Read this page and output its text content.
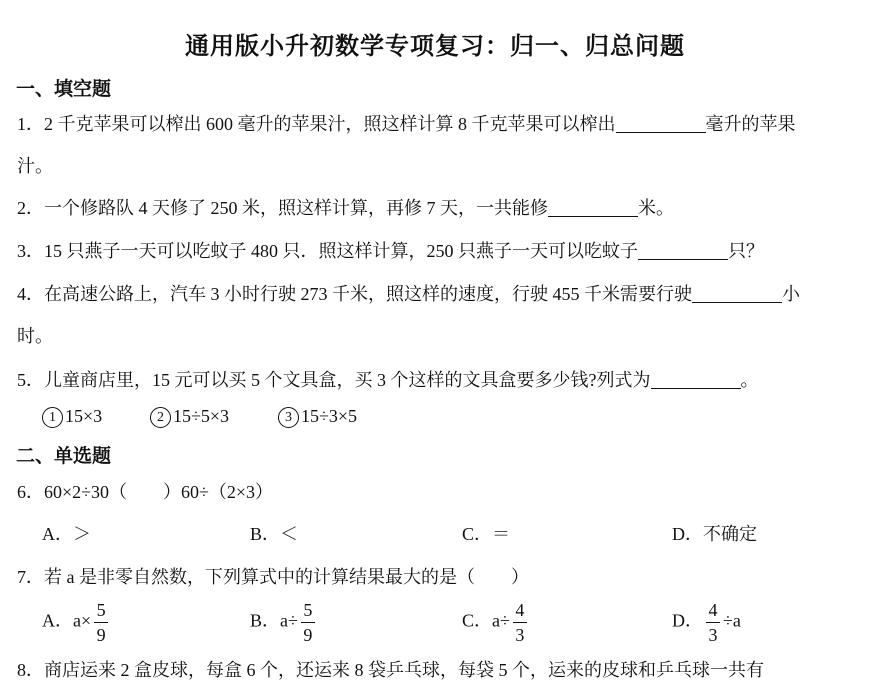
通用版小升初数学专项复习：归一、归总问题
一、填空题
1．2 千克苹果可以榨出 600 毫升的苹果汁，照这样计算 8 千克苹果可以榨出	毫升的苹果
汁。
2．一个修路队 4 天修了 250 米，照这样计算，再修 7 天，一共能修	米。
3．15 只燕子一天可以吃蚊子 480 只．照这样计算，250 只燕子一天可以吃蚊子	只？
4．在高速公路上，汽车 3 小时行驶 273 千米，照这样的速度，行驶 455 千米需要行驶	小
时。
5．儿童商店里，15 元可以买 5 个文具盒，买 3 个这样的文具盒要多少钱?列式为	。
1 15×3	2 15÷5×3	3 15÷3×5
二、单选题
6．60×2÷30（　　）60÷（2×3）
A．＞	B．＜	C．＝	D．不确定
7．若 a 是非零自然数，下列算式中的计算结果最大的是（　　）
A．$a\times \frac{5}{9}$	B．$a\div \frac{5}{9}$	C．$a\div \frac{4}{3}$	D． $\frac{4}{3} \div a$
8．商店运来 2 盒皮球，每盒 6 个，还运来 8 袋乒乓球，每袋 5 个，运来的皮球和乒乓球一共有
